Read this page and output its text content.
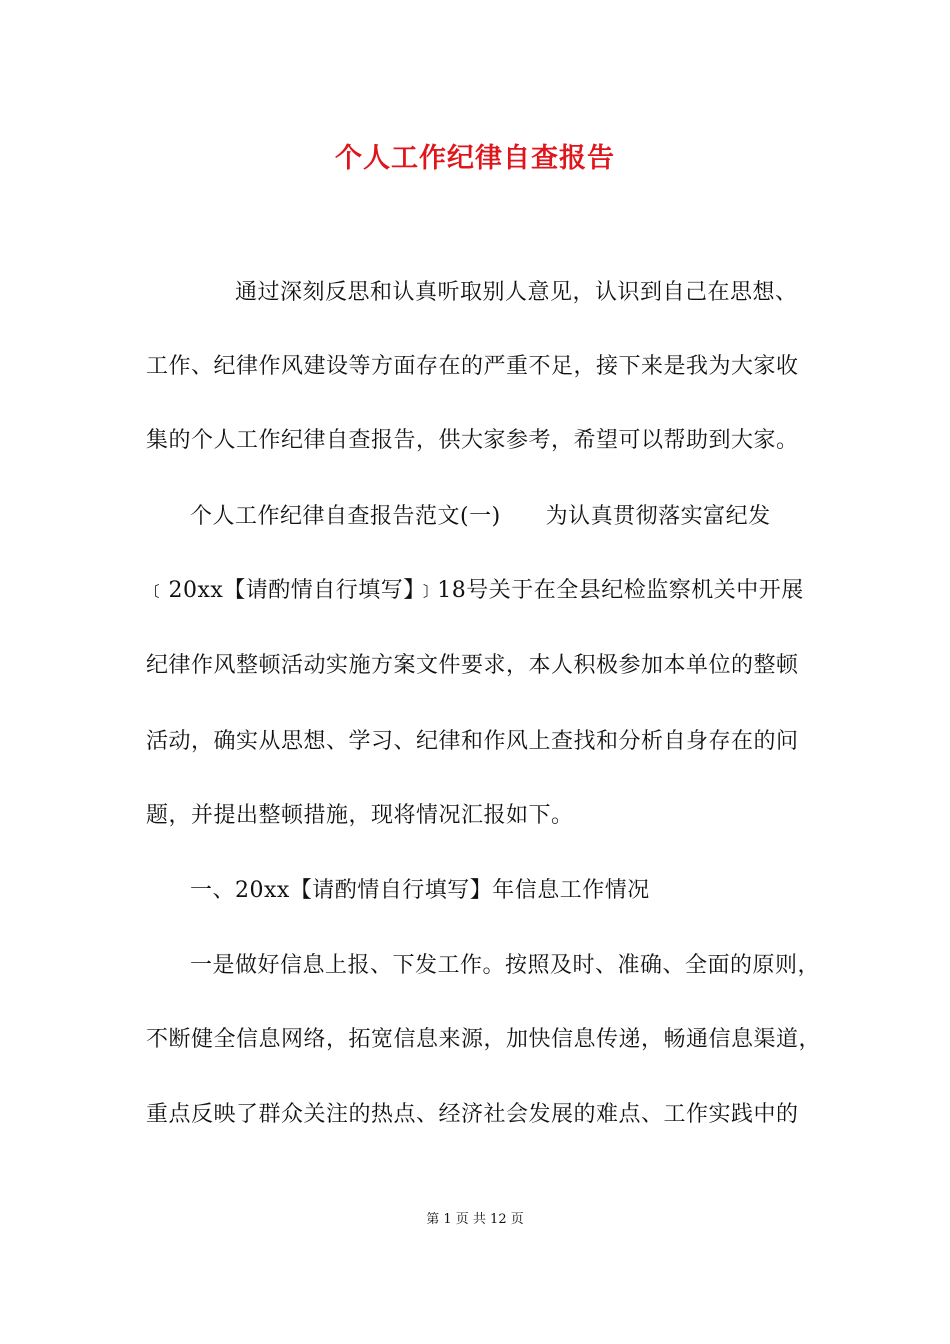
个人工作纪律自查报告
通过深刻反思和认真听取别人意见，认识到自己在思想、
工作、纪律作风建设等方面存在的严重不足，接下来是我为大家收
集的个人工作纪律自查报告，供大家参考，希望可以帮助到大家。
个人工作纪律自查报告范文(一)　　为认真贯彻落实富纪发
﹝20xx【请酌情自行填写】﹞18号关于在全县纪检监察机关中开展
纪律作风整顿活动实施方案文件要求，本人积极参加本单位的整顿
活动，确实从思想、学习、纪律和作风上查找和分析自身存在的问
题，并提出整顿措施，现将情况汇报如下。
一、20xx【请酌情自行填写】年信息工作情况
一是做好信息上报、下发工作。按照及时、准确、全面的原则，
不断健全信息网络，拓宽信息来源，加快信息传递，畅通信息渠道，
重点反映了群众关注的热点、经济社会发展的难点、工作实践中的
第 1 页 共 12 页
